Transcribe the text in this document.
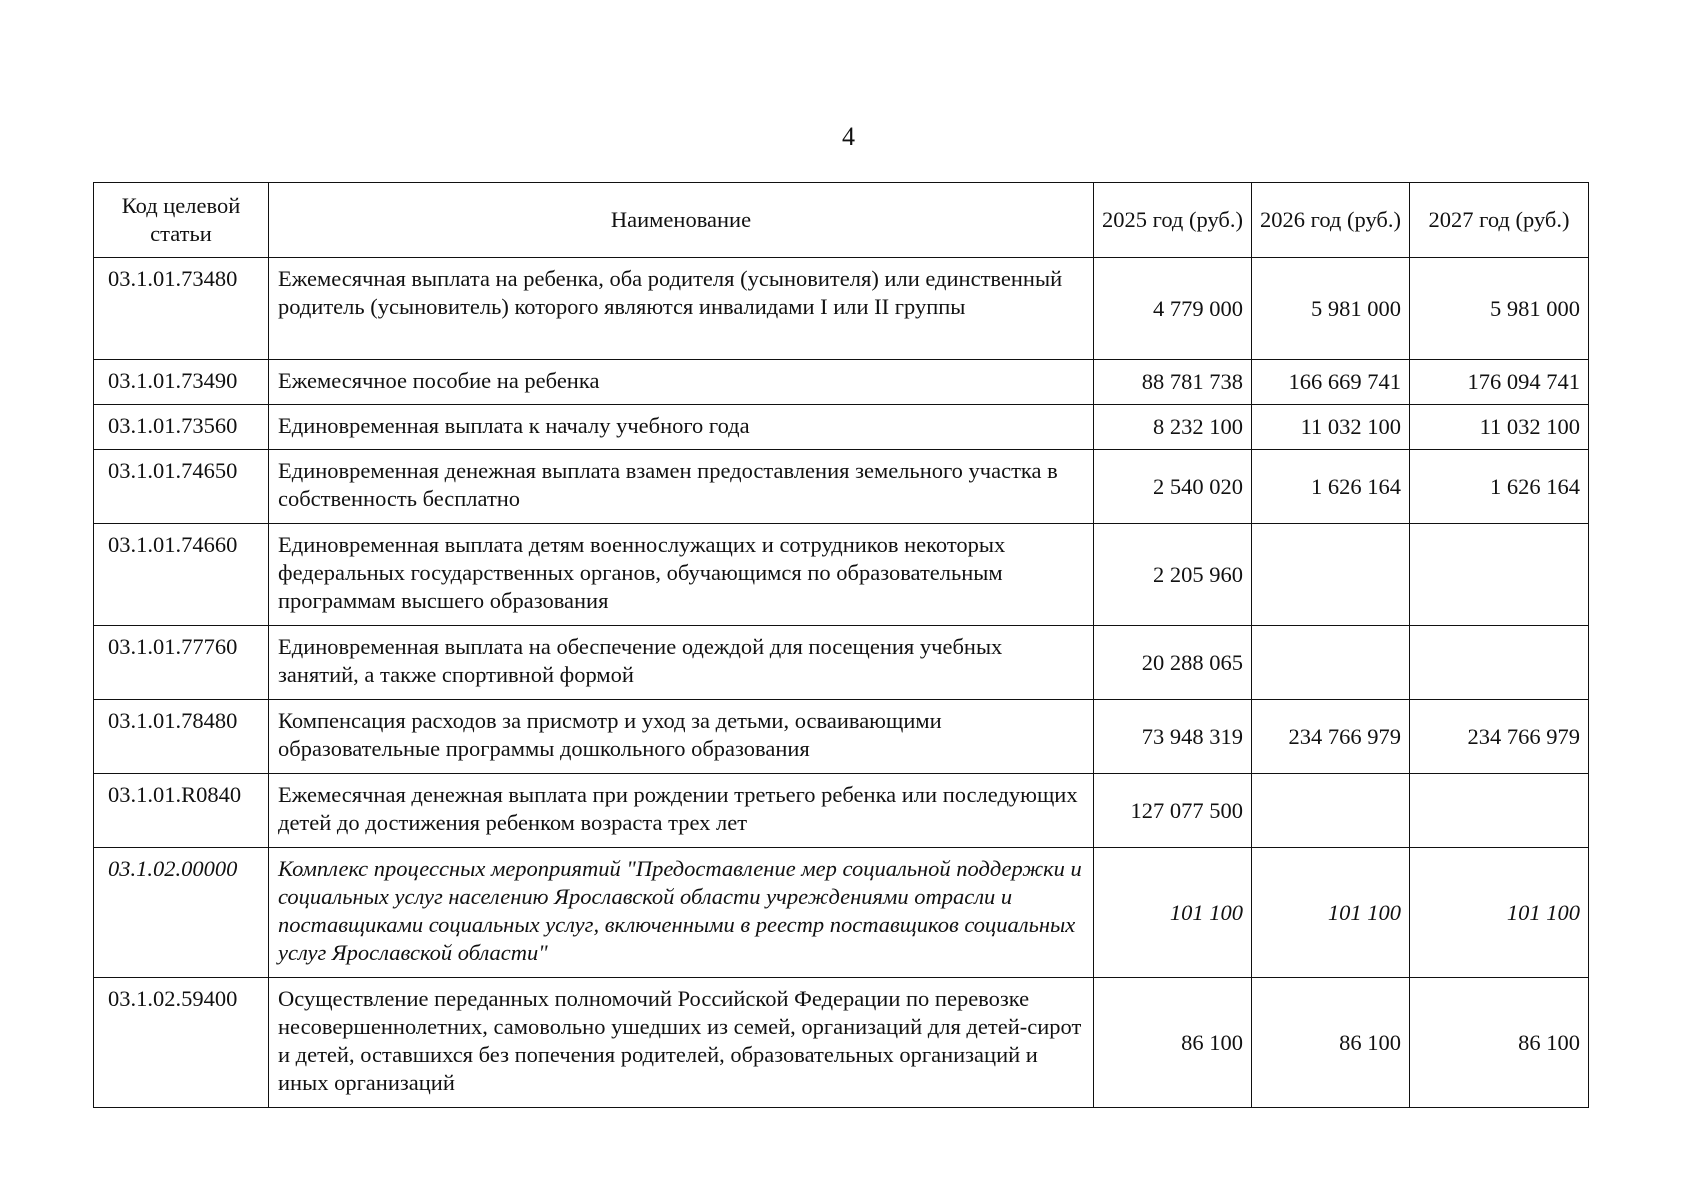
4
Код целевой статьи	Наименование	2025 год (руб.)	2026 год (руб.)	2027 год (руб.)
03.1.01.73480	Ежемесячная выплата на ребенка, оба родителя (усыновителя) или единственный родитель (усыновитель) которого являются инвалидами I или II группы	4 779 000	5 981 000	5 981 000
03.1.01.73490	Ежемесячное пособие на ребенка	88 781 738	166 669 741	176 094 741
03.1.01.73560	Единовременная выплата к началу учебного года	8 232 100	11 032 100	11 032 100
03.1.01.74650	Единовременная денежная выплата взамен предоставления земельного участка в собственность бесплатно	2 540 020	1 626 164	1 626 164
03.1.01.74660	Единовременная выплата детям военнослужащих и сотрудников некоторых федеральных государственных органов, обучающимся по образовательным программам высшего образования	2 205 960		
03.1.01.77760	Единовременная выплата на обеспечение одеждой для посещения учебных занятий, а также спортивной формой	20 288 065		
03.1.01.78480	Компенсация расходов за присмотр и уход за детьми, осваивающими образовательные программы дошкольного образования	73 948 319	234 766 979	234 766 979
03.1.01.R0840	Ежемесячная денежная выплата при рождении третьего ребенка или последующих детей до достижения ребенком возраста трех лет	127 077 500		
03.1.02.00000	Комплекс процессных мероприятий "Предоставление мер социальной поддержки и социальных услуг населению Ярославской области учреждениями отрасли и поставщиками социальных услуг, включенными в реестр поставщиков социальных услуг Ярославской области"	101 100	101 100	101 100
03.1.02.59400	Осуществление переданных полномочий Российской Федерации по перевозке несовершеннолетних, самовольно ушедших из семей, организаций для детей-сирот и детей, оставшихся без попечения родителей, образовательных организаций и иных организаций	86 100	86 100	86 100
